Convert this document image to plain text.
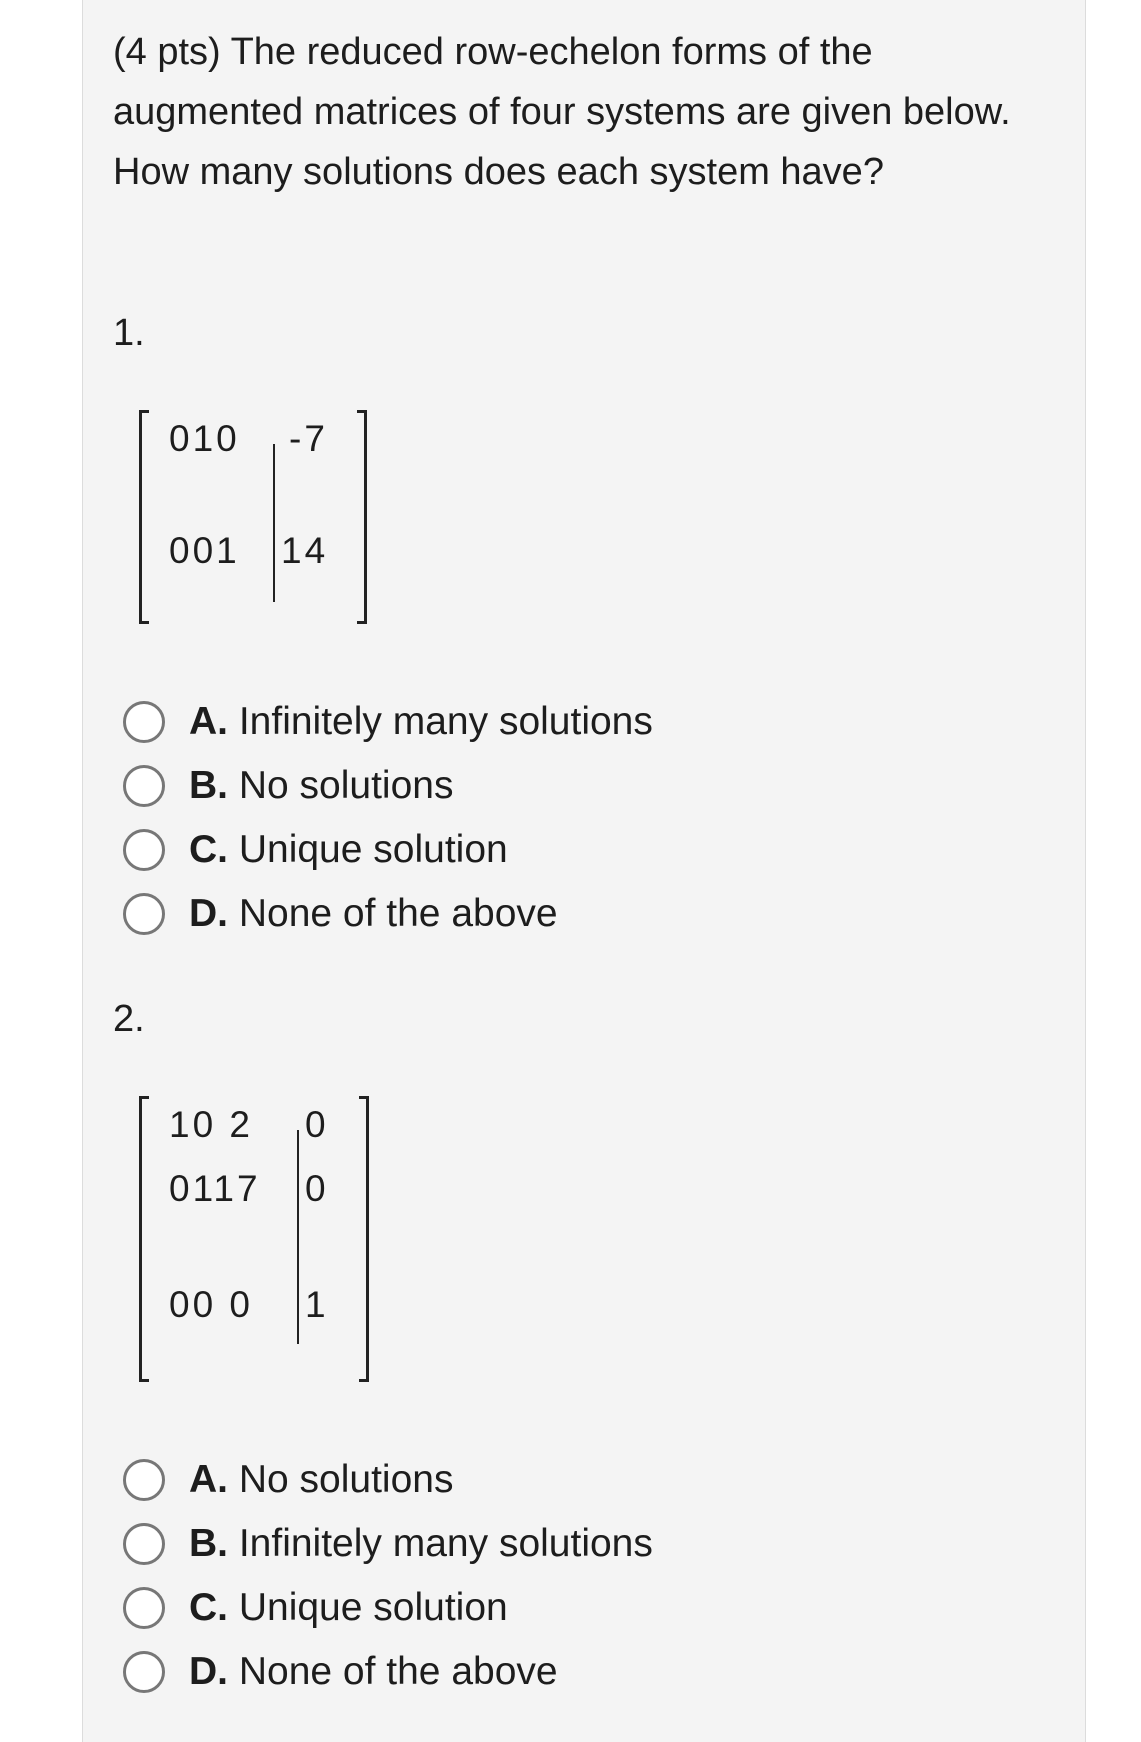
(4 pts) The reduced row-echelon forms of the augmented matrices of four systems are given below. How many solutions does each system have?

1.
010 -7
001 14
A. Infinitely many solutions
B. No solutions
C. Unique solution
D. None of the above
2.
10 2 0
0117 0
00 0 1
A. No solutions
B. Infinitely many solutions
C. Unique solution
D. None of the above
